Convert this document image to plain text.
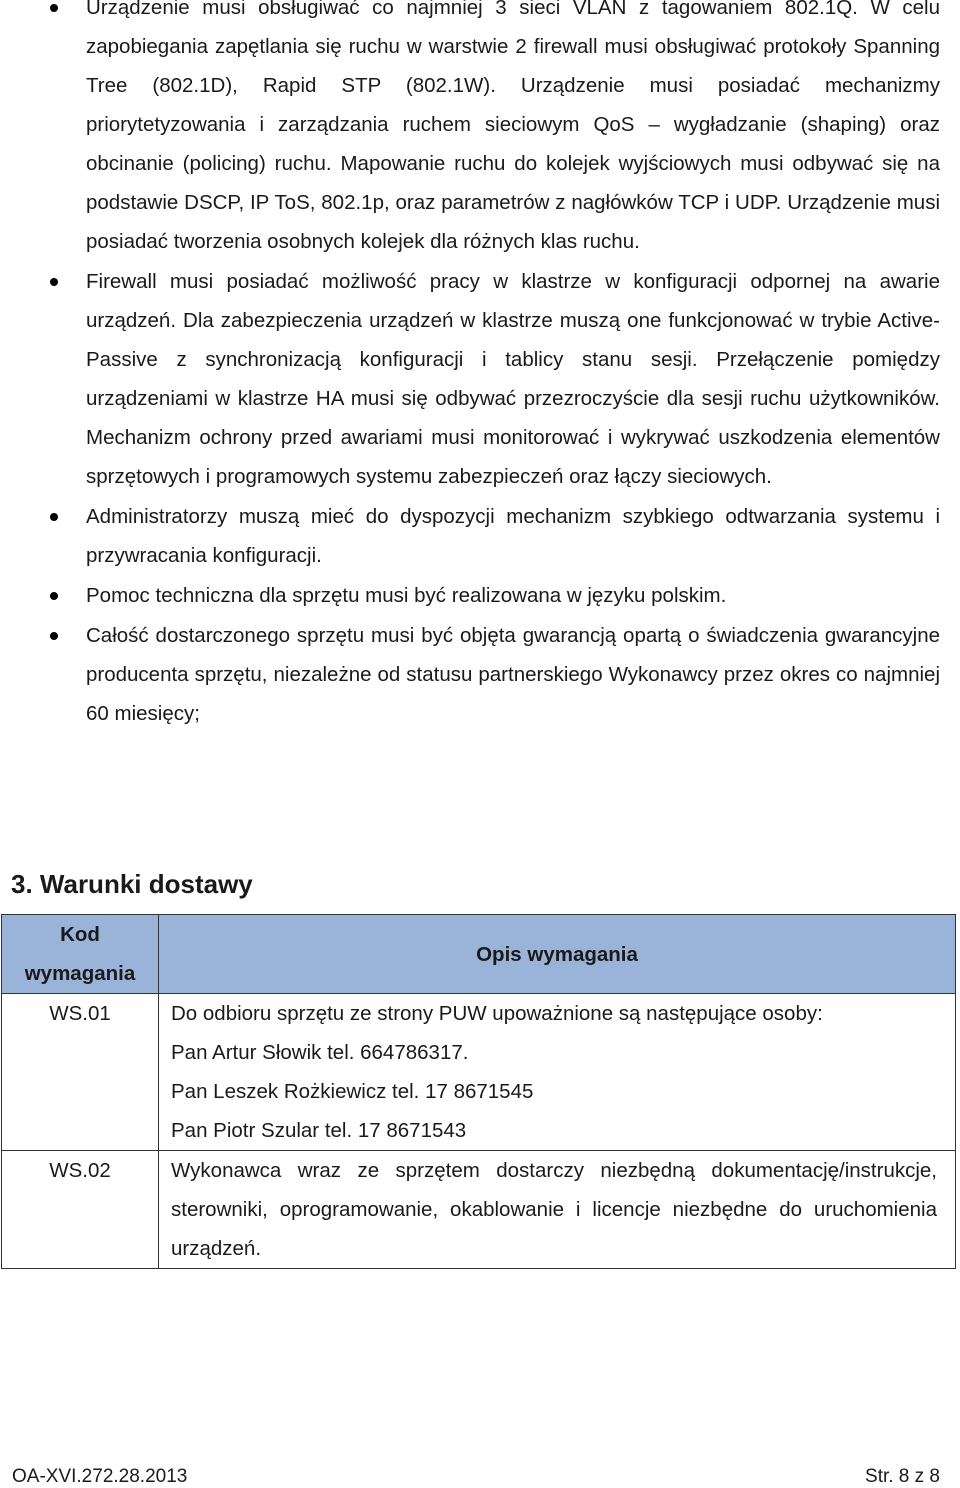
Urządzenie musi obsługiwać co najmniej 3 sieci VLAN z tagowaniem 802.1Q. W celu zapobiegania zapętlania się ruchu w warstwie 2 firewall musi obsługiwać protokoły Spanning Tree (802.1D), Rapid STP (802.1W). Urządzenie musi posiadać mechanizmy priorytetyzowania i zarządzania ruchem sieciowym QoS – wygładzanie (shaping) oraz obcinanie (policing) ruchu. Mapowanie ruchu do kolejek wyjściowych musi odbywać się na podstawie DSCP, IP ToS, 802.1p, oraz parametrów z nagłówków TCP i UDP. Urządzenie musi posiadać tworzenia osobnych kolejek dla różnych klas ruchu.
Firewall musi posiadać możliwość pracy w klastrze w konfiguracji odpornej na awarie urządzeń. Dla zabezpieczenia urządzeń w klastrze muszą one funkcjonować w trybie Active-Passive z synchronizacją konfiguracji i tablicy stanu sesji. Przełączenie pomiędzy urządzeniami w klastrze HA musi się odbywać przezroczyście dla sesji ruchu użytkowników. Mechanizm ochrony przed awariami musi monitorować i wykrywać uszkodzenia elementów sprzętowych i programowych systemu zabezpieczeń oraz łączy sieciowych.
Administratorzy muszą mieć do dyspozycji mechanizm szybkiego odtwarzania systemu i przywracania konfiguracji.
Pomoc techniczna dla sprzętu musi być realizowana w języku polskim.
Całość dostarczonego sprzętu musi być objęta gwarancją opartą o świadczenia gwarancyjne producenta sprzętu, niezależne od statusu partnerskiego Wykonawcy przez okres co najmniej 60 miesięcy;
3. Warunki dostawy
Kod
wymagania	Opis wymagania
WS.01	Do odbioru sprzętu ze strony PUW upoważnione są następujące osoby:
Pan Artur Słowik tel. 664786317.
Pan Leszek Rożkiewicz tel. 17 8671545
Pan Piotr Szular tel. 17 8671543

WS.02	Wykonawca wraz ze sprzętem dostarczy niezbędną dokumentację/instrukcje, sterowniki, oprogramowanie, okablowanie i licencje niezbędne do uruchomienia urządzeń.
OA-XVI.272.28.2013	Str. 8 z 8
